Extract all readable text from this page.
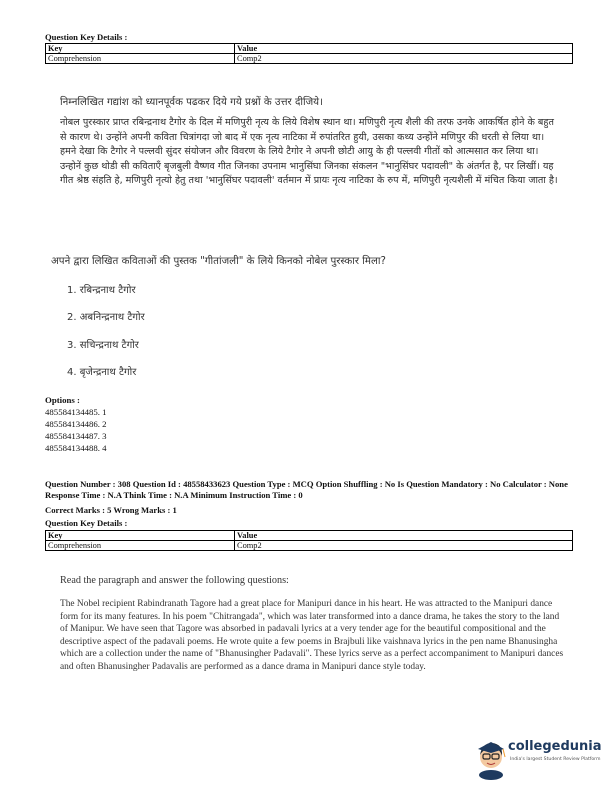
Question Key Details :
Key	Value
Comprehension	Comp2
निम्नलिखित गद्यांश को ध्यानपूर्वक पढकर दिये गये प्रश्नों के उत्तर दीजिये।
नोबल पुरस्कार प्राप्त रबिन्द्रनाथ टैगोर के दिल में मणिपुरी नृत्य के लिये विशेष स्थान था। मणिपुरी नृत्य शैली की तरफ उनके आकर्षित होने के बहुत से कारण थे। उन्होंने अपनी कविता चित्रांगदा जो बाद में एक नृत्य नाटिका में रुपांतरित हुयी, उसका कथ्य उन्होंने मणिपुर की धरती से लिया था। हमने देखा कि टैगोर ने पल्लवी सुंदर संयोजन और विवरण के लिये टैगोर ने अपनी छोटी आयु के ही पल्लवी गीतों को आत्मसात कर लिया था। उन्होनें कुछ थोडी सी कविताएँ बृजबुली वैष्णव गीत जिनका उपनाम भानुसिंघा जिनका संकलन "भानुसिंघर पदावली" के अंतर्गत है, पर लिखीं। यह गीत श्रेष्ठ संहति हे, मणिपुरी नृत्यो हेतु तथा 'भानुसिंघर पदावली' वर्तमान में प्रायः नृत्य नाटिका के रुप में, मणिपुरी नृत्यशैली में मंचित किया जाता है।
अपने द्वारा लिखित कविताओं की पुस्तक "गीतांजली" के लिये किनको नोबेल पुरस्कार मिला?
1. रबिन्द्रनाथ टैगोर
2. अबनिन्द्रनाथ टैगोर
3. सचिन्द्रनाथ टैगोर
4. बृजेन्द्रनाथ टैगोर
Options :
485584134485. 1
485584134486. 2
485584134487. 3
485584134488. 4
Question Number : 308 Question Id : 48558433623 Question Type : MCQ Option Shuffling : No Is Question Mandatory : No Calculator : None Response Time : N.A Think Time : N.A Minimum Instruction Time : 0
Correct Marks : 5 Wrong Marks : 1
Question Key Details :
Key	Value
Comprehension	Comp2
Read the paragraph and answer the following questions:
The Nobel recipient Rabindranath Tagore had a great place for Manipuri dance in his heart. He was attracted to the Manipuri dance form for its many features. In his poem "Chitrangada", which was later transformed into a dance drama, he takes the story to the land of Manipur. We have seen that Tagore was absorbed in padavali lyrics at a very tender age for the beautiful compositional and the descriptive aspect of the padavali poems. He wrote quite a few poems in Brajbuli like vaishnava lyrics in the pen name Bhanusingha which are a collection under the name of "Bhanusingher Padavali". These lyrics serve as a perfect accompaniment to Manipuri dances and often Bhanusingher Padavalis are performed as a dance drama in Manipuri dance style today.
collegedunia
India's largest Student Review Platform
